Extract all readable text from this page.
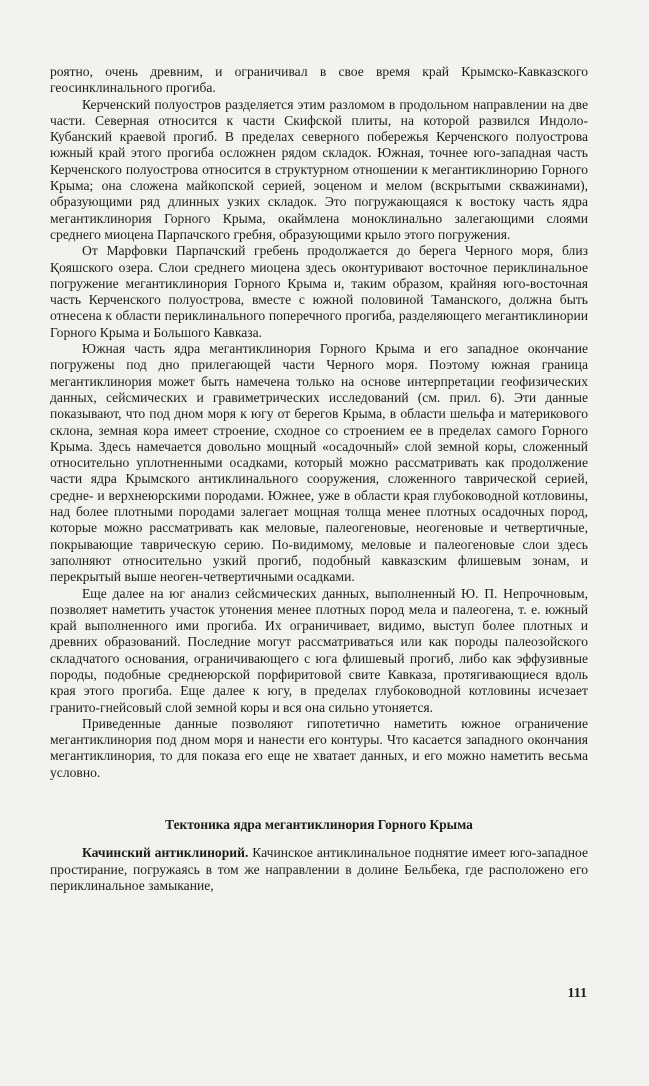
роятно, очень древним, и ограничивал в свое время край Крымско-Кавказского геосинклинального прогиба.

Керченский полуостров разделяется этим разломом в продольном направлении на две части. Северная относится к части Скифской плиты, на которой развился Индоло-Кубанский краевой прогиб. В пределах северного побережья Керченского полуострова южный край этого прогиба осложнен рядом складок. Южная, точнее юго-западная часть Керченского полуострова относится в структурном отношении к мегантиклинорию Горного Крыма; она сложена майкопской серией, эоценом и мелом (вскрытыми скважинами), образующими ряд длинных узких складок. Это погружающаяся к востоку часть ядра мегантиклинория Горного Крыма, окаймлена моноклинально залегающими слоями среднего миоцена Парпачского гребня, образующими крыло этого погружения.

От Марфовки Парпачский гребень продолжается до берега Черного моря, близ Қояшского озера. Слои среднего миоцена здесь оконтуривают восточное периклинальное погружение мегантиклинория Горного Крыма и, таким образом, крайняя юго-восточная часть Керченского полуострова, вместе с южной половиной Таманского, должна быть отнесена к области периклинального поперечного прогиба, разделяющего мегантиклинории Горного Крыма и Большого Кавказа.

Южная часть ядра мегантиклинория Горного Крыма и его западное окончание погружены под дно прилегающей части Черного моря. Поэтому южная граница мегантиклинория может быть намечена только на основе интерпретации геофизических данных, сейсмических и гравиметрических исследований (см. прил. 6). Эти данные показывают, что под дном моря к югу от берегов Крыма, в области шельфа и материкового склона, земная кора имеет строение, сходное со строением ее в пределах самого Горного Крыма. Здесь намечается довольно мощный «осадочный» слой земной коры, сложенный относительно уплотненными осадками, который можно рассматривать как продолжение части ядра Крымского антиклинального сооружения, сложенного таврической серией, средне- и верхнеюрскими породами. Южнее, уже в области края глубоководной котловины, над более плотными породами залегает мощная толща менее плотных осадочных пород, которые можно рассматривать как меловые, палеогеновые, неогеновые и четвертичные, покрывающие таврическую серию. По-видимому, меловые и палеогеновые слои здесь заполняют относительно узкий прогиб, подобный кавказским флишевым зонам, и перекрытый выше неоген-четвертичными осадками.

Еще далее на юг анализ сейсмических данных, выполненный Ю. П. Непрочновым, позволяет наметить участок утонения менее плотных пород мела и палеогена, т. е. южный край выполненного ими прогиба. Их ограничивает, видимо, выступ более плотных и древних образований. Последние могут рассматриваться или как породы палеозойского складчатого основания, ограничивающего с юга флишевый прогиб, либо как эффузивные породы, подобные среднеюрской порфиритовой свите Кавказа, протягивающиеся вдоль края этого прогиба. Еще далее к югу, в пределах глубоководной котловины исчезает гранито-гнейсовый слой земной коры и вся она сильно утоняется.

Приведенные данные позволяют гипотетично наметить южное ограничение мегантиклинория под дном моря и нанести его контуры. Что касается западного окончания мегантиклинория, то для показа его еще не хватает данных, и его можно наметить весьма условно.

Тектоника ядра мегантиклинория Горного Крыма

Качинский антиклинорий. Качинское антиклинальное поднятие имеет юго-западное простирание, погружаясь в том же направлении в долине Бельбека, где расположено его периклинальное замыкание,

111
